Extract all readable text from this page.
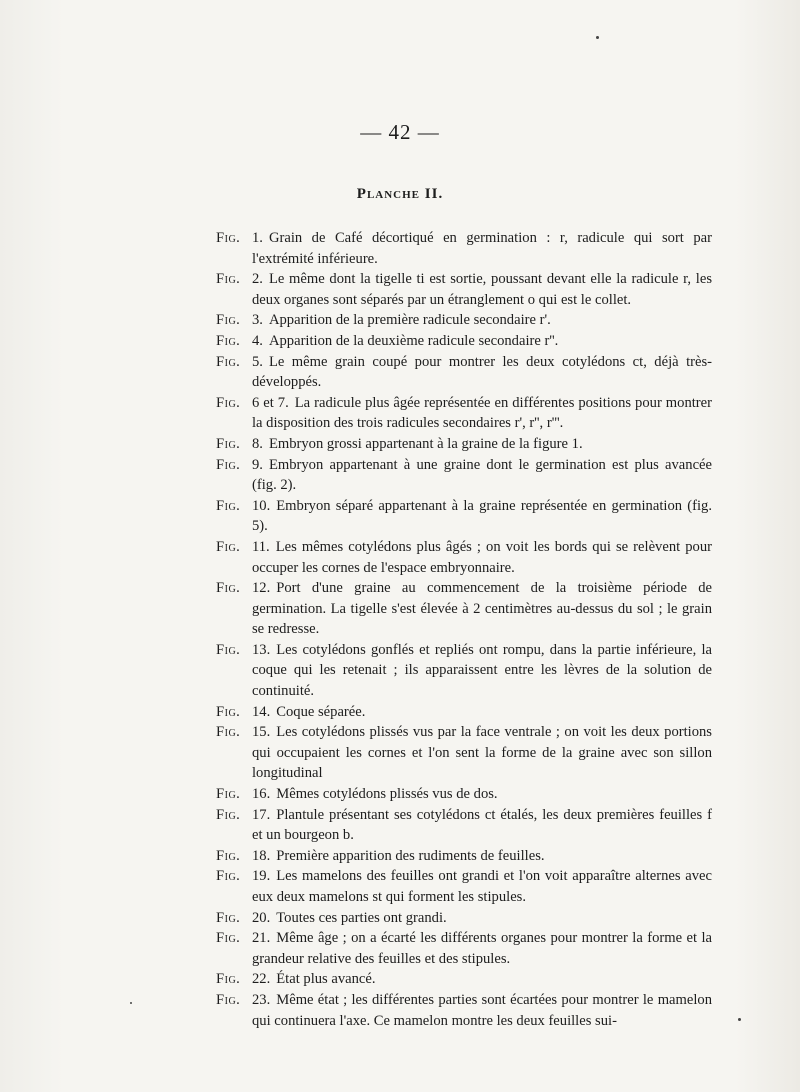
— 42 —
Planche II.
Fig. 1. Grain de Café décortiqué en germination : r, radicule qui sort par l'extrémité inférieure.
Fig. 2. Le même dont la tigelle ti est sortie, poussant devant elle la radicule r, les deux organes sont séparés par un étranglement o qui est le collet.
Fig. 3. Apparition de la première radicule secondaire r'.
Fig. 4. Apparition de la deuxième radicule secondaire r''.
Fig. 5. Le même grain coupé pour montrer les deux cotylédons ct, déjà très-développés.
Fig. 6 et 7. La radicule plus âgée représentée en différentes positions pour montrer la disposition des trois radicules secondaires r', r'', r'''.
Fig. 8. Embryon grossi appartenant à la graine de la figure 1.
Fig. 9. Embryon appartenant à une graine dont le germination est plus avancée (fig. 2).
Fig. 10. Embryon séparé appartenant à la graine représentée en germination (fig. 5).
Fig. 11. Les mêmes cotylédons plus âgés ; on voit les bords qui se relèvent pour occuper les cornes de l'espace embryonnaire.
Fig. 12. Port d'une graine au commencement de la troisième période de germination. La tigelle s'est élevée à 2 centimètres au-dessus du sol ; le grain se redresse.
Fig. 13. Les cotylédons gonflés et repliés ont rompu, dans la partie inférieure, la coque qui les retenait ; ils apparaissent entre les lèvres de la solution de continuité.
Fig. 14. Coque séparée.
Fig. 15. Les cotylédons plissés vus par la face ventrale ; on voit les deux portions qui occupaient les cornes et l'on sent la forme de la graine avec son sillon longitudinal
Fig. 16. Mêmes cotylédons plissés vus de dos.
Fig. 17. Plantule présentant ses cotylédons ct étalés, les deux premières feuilles f et un bourgeon b.
Fig. 18. Première apparition des rudiments de feuilles.
Fig. 19. Les mamelons des feuilles ont grandi et l'on voit apparaître alternes avec eux deux mamelons st qui forment les stipules.
Fig. 20. Toutes ces parties ont grandi.
Fig. 21. Même âge ; on a écarté les différents organes pour montrer la forme et la grandeur relative des feuilles et des stipules.
Fig. 22. État plus avancé.
Fig. 23. Même état ; les différentes parties sont écartées pour montrer le mamelon qui continuera l'axe. Ce mamelon montre les deux feuilles sui-
